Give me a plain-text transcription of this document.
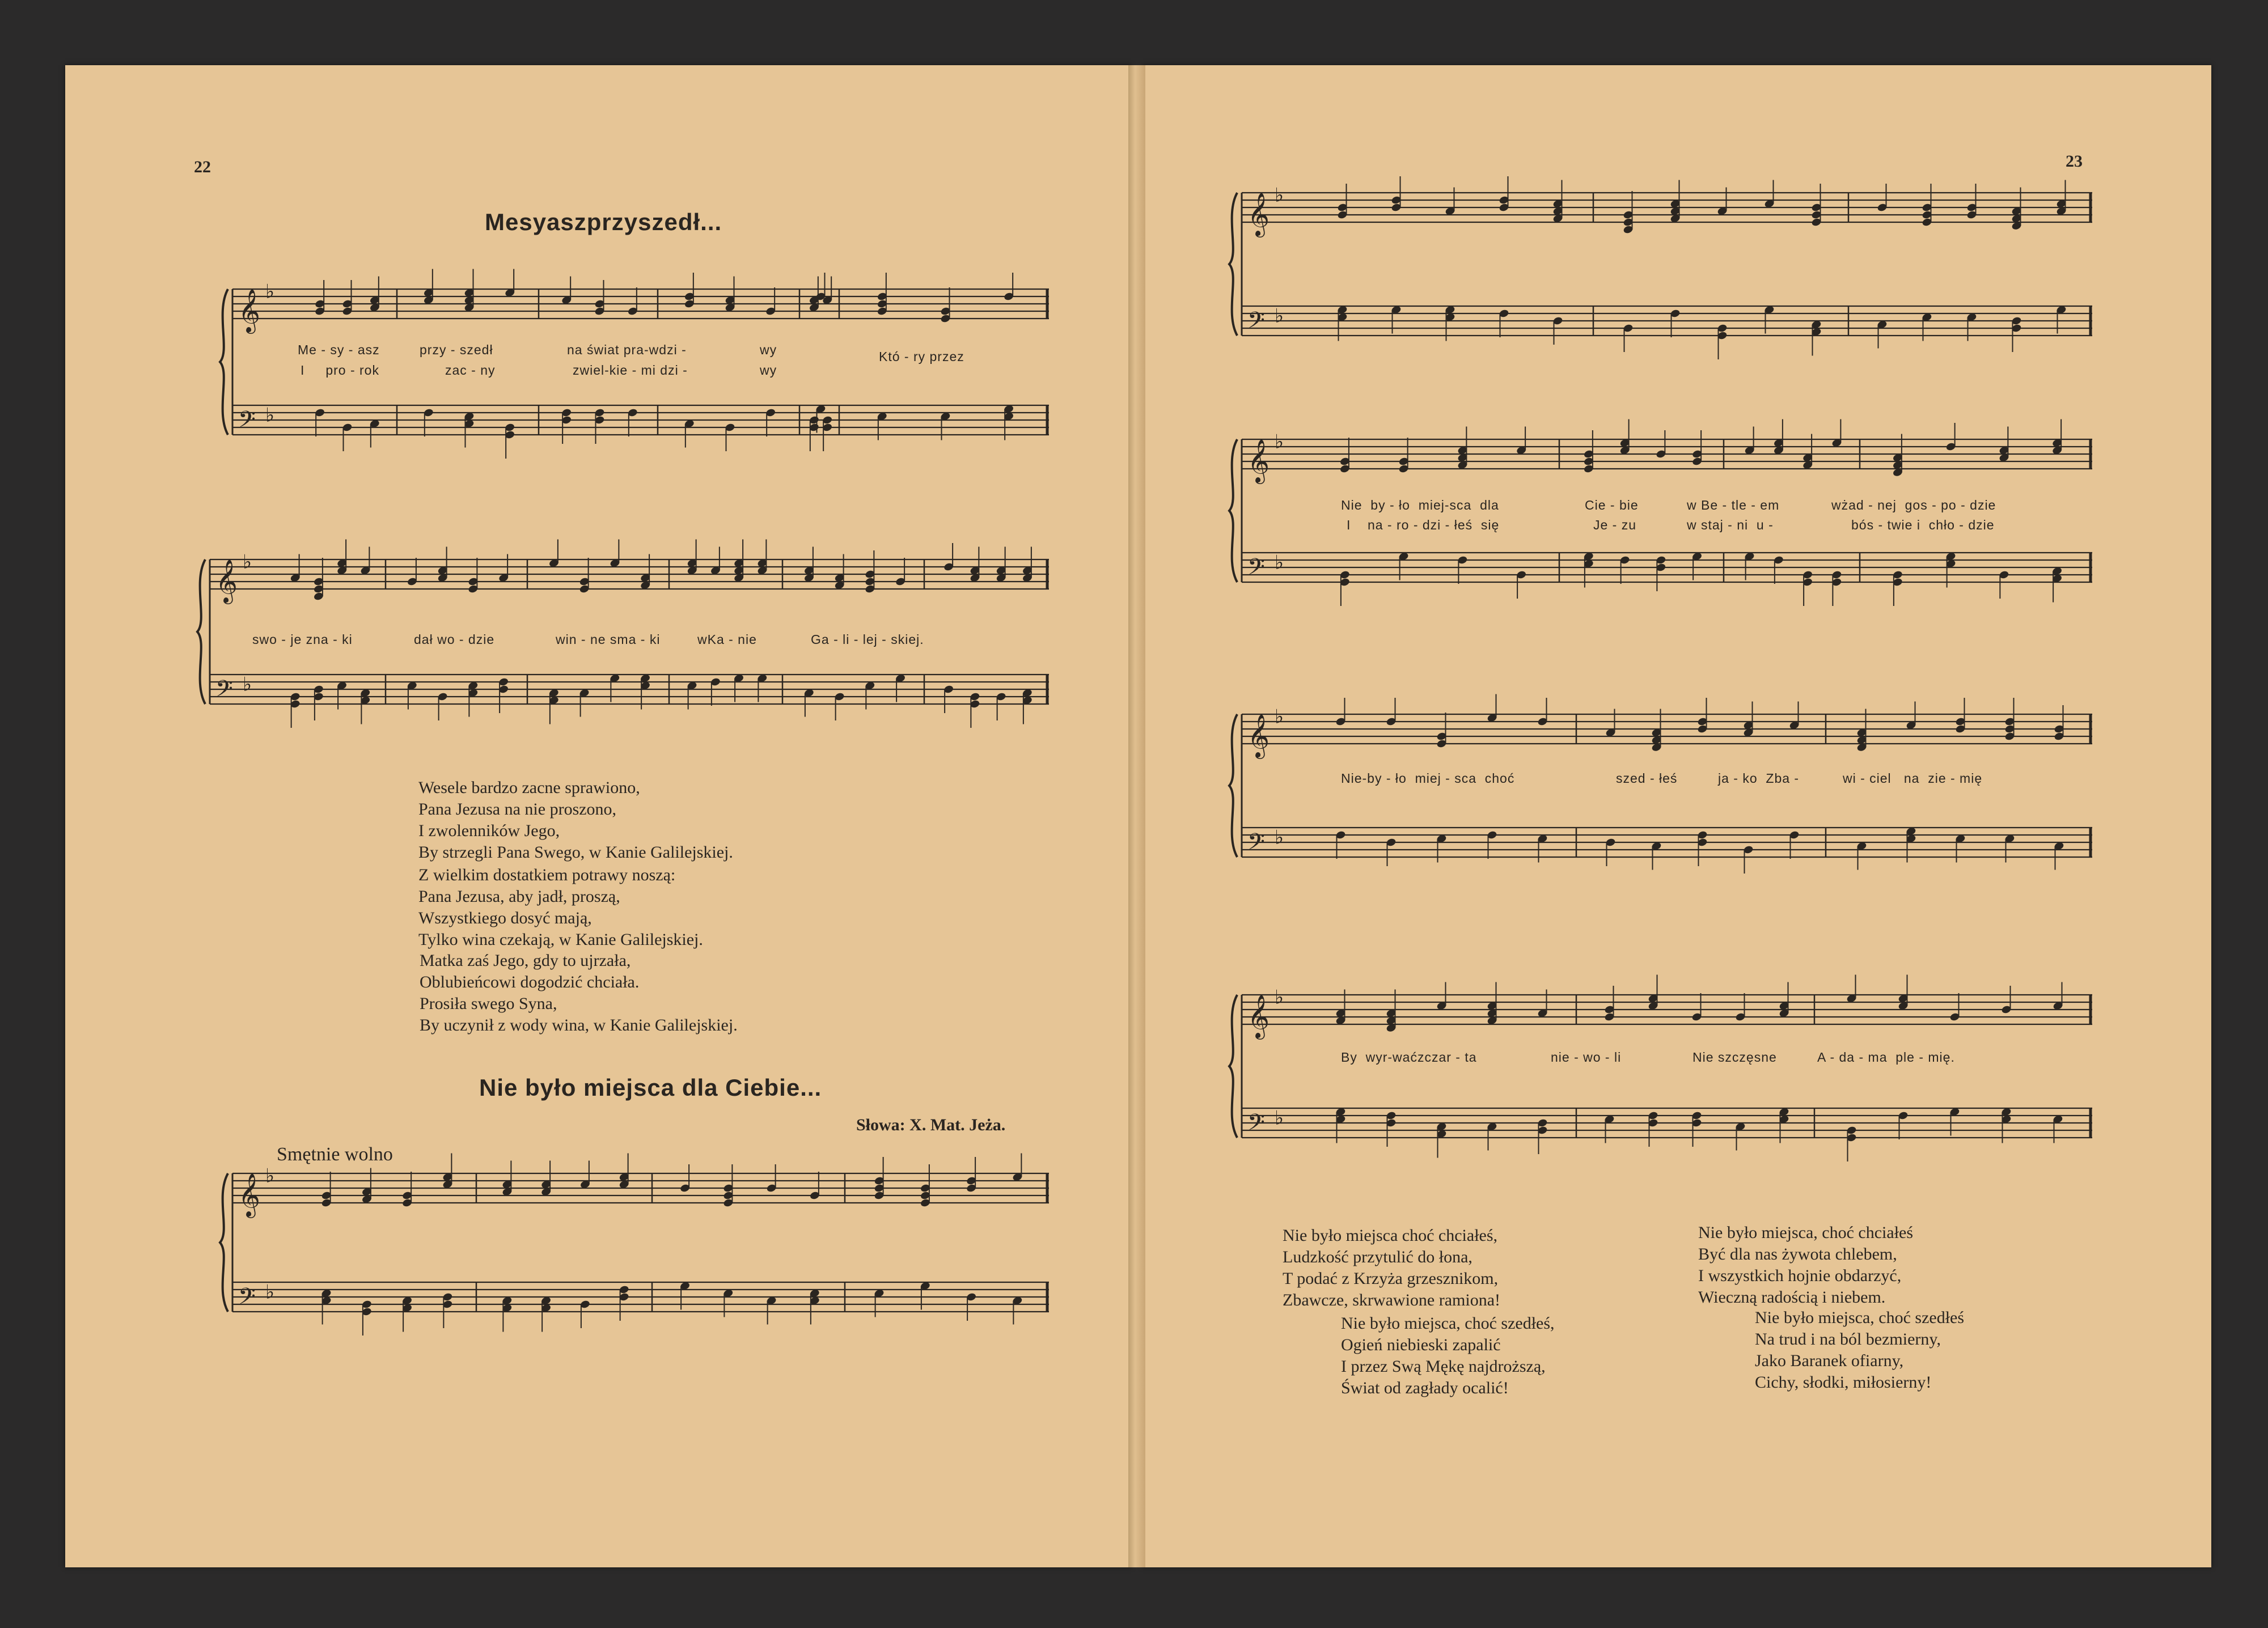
22
Mesyaszprzyszedł...
𝄞 ♭
𝄢 ♭
Me - sy - asz	przy - szedł	na świat pra-wdzi -	wy	Któ - ry przez
I     pro - rok	zac - ny	zwiel-kie - mi dzi -	wy
𝄞 ♭
𝄢 ♭
swo - je zna - ki	dał wo - dzie	win - ne sma - ki	wKa - nie	Ga - li - lej - skiej.

Wesele bardzo zacne sprawiono,
Pana Jezusa na nie proszono,
I zwolenników Jego,
By strzegli Pana Swego, w Kanie Galilejskiej.

Z wielkim dostatkiem potrawy noszą:
Pana Jezusa, aby jadł, proszą,
Wszystkiego dosyć mają,
Tylko wina czekają, w Kanie Galilejskiej.

Matka zaś Jego, gdy to ujrzała,
Oblubieńcowi dogodzić chciała.
Prosiła swego Syna,
By uczynił z wody wina, w Kanie Galilejskiej.

Nie było miejsca dla Ciebie...
Słowa: X. Mat. Jeża.
Smętnie wolno
𝄞 ♭
𝄢 ♭
23
𝄞 ♭
𝄢 ♭
𝄞 ♭
𝄢 ♭
Nie  by - ło  miej-sca  dla	Cie - bie	w Be - tle - em	wżad - nej  gos - po - dzie
I    na - ro - dzi - łeś  się	Je - zu	w staj - ni  u -	bós - twie i  chło - dzie
𝄞 ♭
𝄢 ♭
Nie-by - ło  miej - sca  choć	szed - łeś	ja - ko  Zba -	wi - ciel   na  zie - mię
𝄞 ♭
𝄢 ♭
By  wyr-waćzczar - ta	nie - wo - li	Nie szczęsne	A - da - ma  ple - mię.

Nie było miejsca choć chciałeś,
Ludzkość przytulić do łona,
T podać z Krzyża grzesznikom,
Zbawcze, skrwawione ramiona!

Nie było miejsca, choć szedłeś,
Ogień niebieski zapalić
I przez Swą Mękę najdroższą,
Świat od zagłady ocalić!

Nie było miejsca, choć chciałeś
Być dla nas żywota chlebem,
I wszystkich hojnie obdarzyć,
Wieczną radością i niebem.

Nie było miejsca, choć szedłeś
Na trud i na ból bezmierny,
Jako Baranek ofiarny,
Cichy, słodki, miłosierny!
